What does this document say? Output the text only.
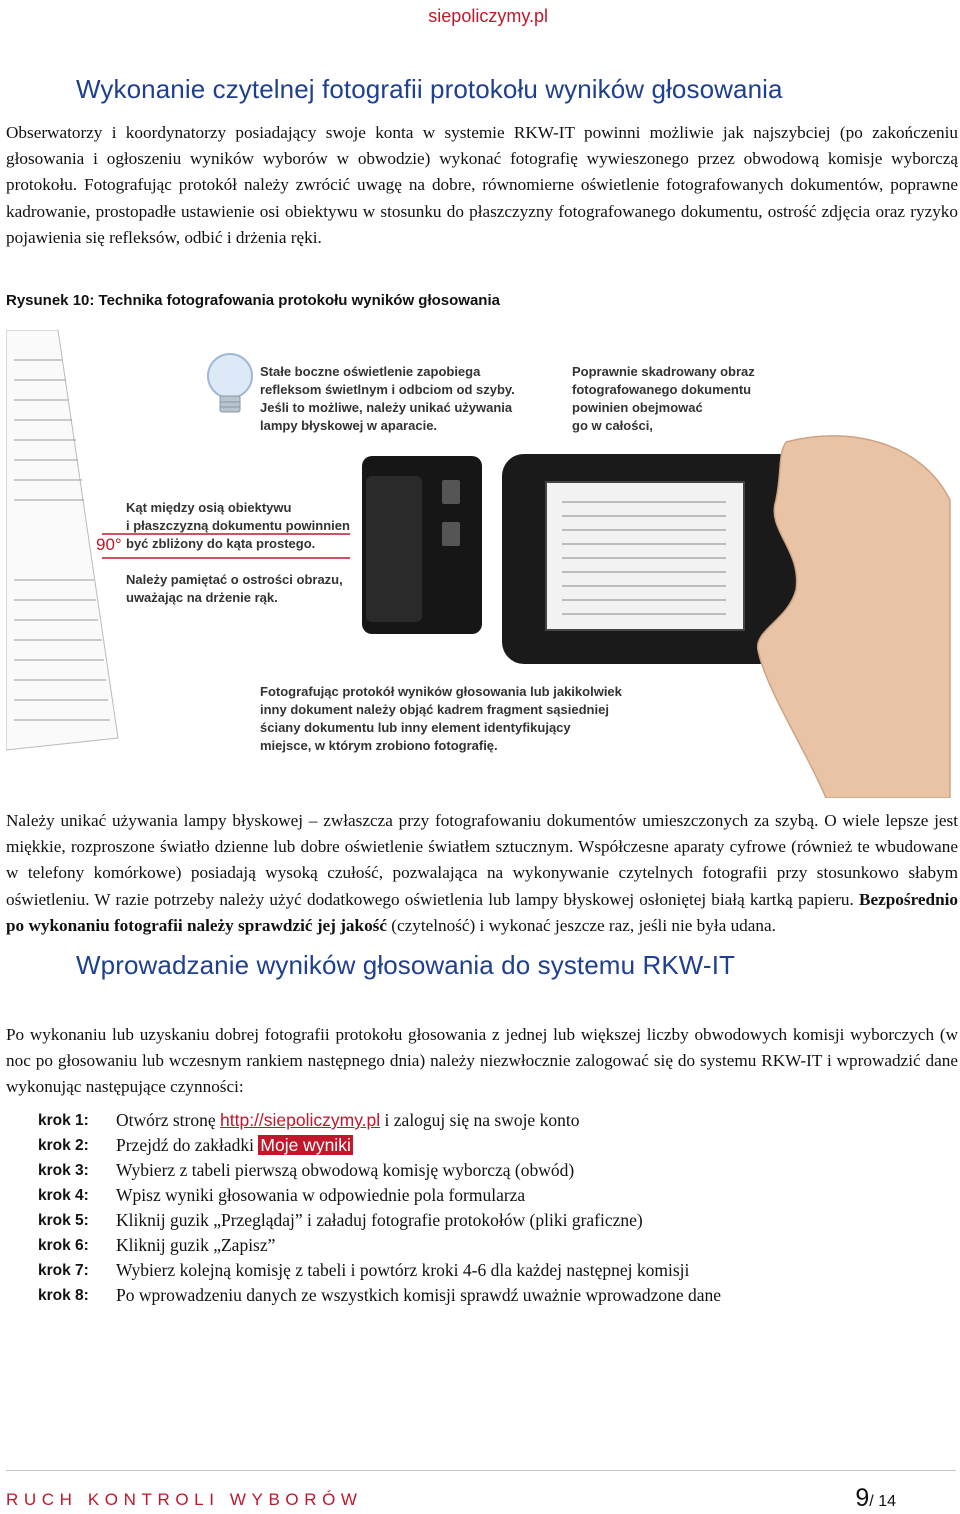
siepoliczymy.pl
Wykonanie czytelnej fotografii protokołu wyników głosowania

Obserwatorzy i koordynatorzy posiadający swoje konta w systemie RKW-IT powinni możliwie jak najszybciej (po zakończeniu głosowania i ogłoszeniu wyników wyborów w obwodzie) wykonać fotografię wywieszonego przez obwodową komisje wyborczą protokołu. Fotografując protokół należy zwrócić uwagę na dobre, równomierne oświetlenie fotografowanych dokumentów, poprawne kadrowanie, prostopadłe ustawienie osi obiektywu w stosunku do płaszczyzny fotografowanego dokumentu, ostrość zdjęcia oraz ryzyko pojawienia się refleksów, odbić i drżenia ręki.

Rysunek 10: Technika fotografowania protokołu wyników głosowania
90°
Stałe boczne oświetlenie zapobiega
refleksom świetlnym i odbciom od szyby.
Jeśli to możliwe, należy unikać używania
lampy błyskowej w aparacie.
Poprawnie skadrowany obraz
fotografowanego dokumentu
powinien obejmować
go w całości,
Kąt między osią obiektywu
i płaszczyzną dokumentu powinnien
być zbliżony do kąta prostego.
Należy pamiętać o ostrości obrazu,
uważając na drżenie rąk.
Fotografując protokół wyników głosowania lub jakikolwiek
inny dokument należy objąć kadrem fragment sąsiedniej
ściany dokumentu lub inny element identyfikujący
miejsce, w którym zrobiono fotografię.

Należy unikać używania lampy błyskowej – zwłaszcza przy fotografowaniu dokumentów umieszczonych za szybą. O wiele lepsze jest miękkie, rozproszone światło dzienne lub dobre oświetlenie światłem sztucznym. Współczesne aparaty cyfrowe (również te wbudowane w telefony komórkowe) posiadają wysoką czułość, pozwalająca na wykonywanie czytelnych fotografii przy stosunkowo słabym oświetleniu. W razie potrzeby należy użyć dodatkowego oświetlenia lub lampy błyskowej osłoniętej białą kartką papieru. Bezpośrednio po wykonaniu fotografii należy sprawdzić jej jakość (czytelność) i wykonać jeszcze raz, jeśli nie była udana.

Wprowadzanie wyników głosowania do systemu RKW-IT

Po wykonaniu lub uzyskaniu dobrej fotografii protokołu głosowania z jednej lub większej liczby obwodowych komisji wyborczych (w noc po głosowaniu lub wczesnym rankiem następnego dnia) należy niezwłocznie zalogować się do systemu RKW-IT i wprowadzić dane wykonując następujące czynności:

krok 1:	Otwórz stronę http://siepoliczymy.pl i zaloguj się na swoje konto
krok 2:	Przejdź do zakładki Moje wyniki
krok 3:	Wybierz z tabeli pierwszą obwodową komisję wyborczą (obwód)
krok 4:	Wpisz wyniki głosowania w odpowiednie pola formularza
krok 5:	Kliknij guzik „Przeglądaj” i załaduj fotografie protokołów (pliki graficzne)
krok 6:	Kliknij guzik „Zapisz”
krok 7:	Wybierz kolejną komisję z tabeli i powtórz kroki 4-6 dla każdej następnej komisji
krok 8:	Po wprowadzeniu danych ze wszystkich komisji sprawdź uważnie wprowadzone dane
RUCH KONTROLI WYBORÓW	9/ 14
